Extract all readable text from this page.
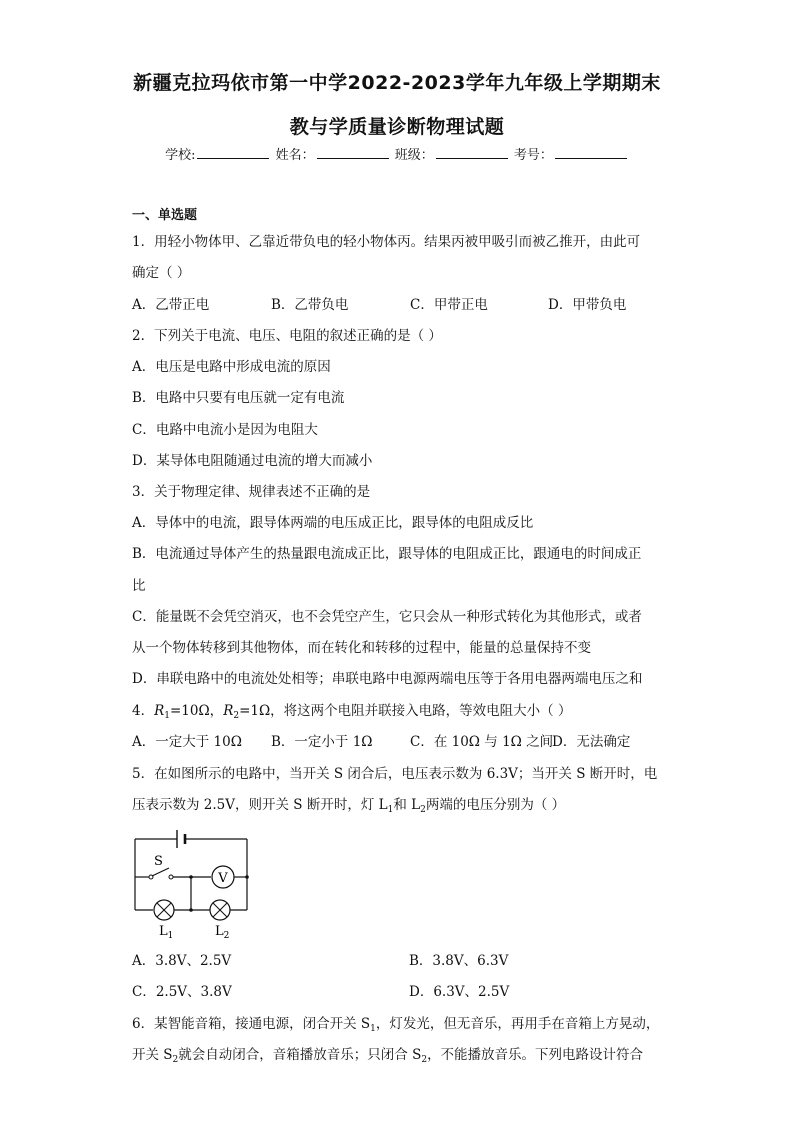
新疆克拉玛依市第一中学2022-2023学年九年级上学期期末
教与学质量诊断物理试题
学校:	姓名：	班级：	考号：
一、单选题
1．用轻小物体甲、乙靠近带负电的轻小物体丙。结果丙被甲吸引而被乙推开，由此可
确定（ ）
A．乙带正电	B．乙带负电	C．甲带正电	D．甲带负电
2．下列关于电流、电压、电阻的叙述正确的是（ ）
A．电压是电路中形成电流的原因
B．电路中只要有电压就一定有电流
C．电路中电流小是因为电阻大
D．某导体电阻随通过电流的增大而减小
3．关于物理定律、规律表述不正确的是
A．导体中的电流，跟导体两端的电压成正比，跟导体的电阻成反比
B．电流通过导体产生的热量跟电流成正比，跟导体的电阻成正比，跟通电的时间成正
比
C．能量既不会凭空消灭，也不会凭空产生，它只会从一种形式转化为其他形式，或者
从一个物体转移到其他物体，而在转化和转移的过程中，能量的总量保持不变
D．串联电路中的电流处处相等；串联电路中电源两端电压等于各用电器两端电压之和
4．$R_1=10\Omega$，$R_2=1\Omega$，将这两个电阻并联接入电路，等效电阻大小（ ）
A．一定大于 10Ω B．一定小于 1Ω	C．在 10Ω 与 1Ω 之间
D．无法确定
5．在如图所示的电路中，当开关 S 闭合后，电压表示数为 6.3V；当开关 S 断开时，电
压表示数为 2.5V，则开关 S 断开时，灯 $L_1$和 $L_2$两端的电压分别为（ ）
S
V
$L_1$	$L_2$
A．3.8V、2.5V	B．3.8V、6.3V
C．2.5V、3.8V	D．6.3V、2.5V
6．某智能音箱，接通电源，闭合开关 $S_1$，灯发光，但无音乐，再用手在音箱上方晃动，
开关 $S_2$就会自动闭合，音箱播放音乐；只闭合 $S_2$，不能播放音乐。下列电路设计符合
